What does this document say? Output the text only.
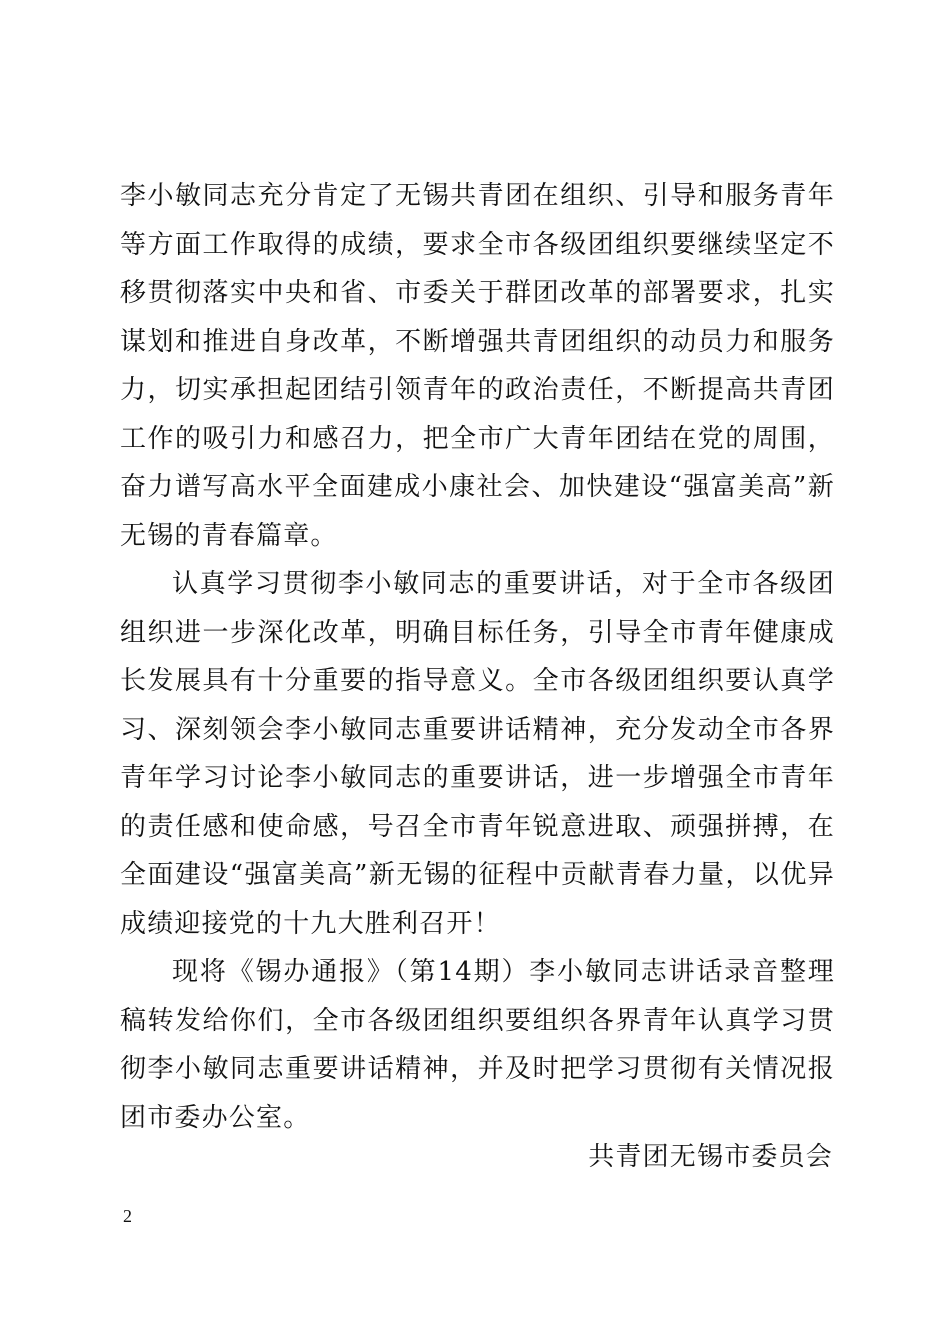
李小敏同志充分肯定了无锡共青团在组织、引导和服务青年等方面工作取得的成绩，要求全市各级团组织要继续坚定不移贯彻落实中央和省、市委关于群团改革的部署要求，扎实谋划和推进自身改革，不断增强共青团组织的动员力和服务力，切实承担起团结引领青年的政治责任，不断提高共青团工作的吸引力和感召力，把全市广大青年团结在党的周围，奋力谱写高水平全面建成小康社会、加快建设“强富美高”新无锡的青春篇章。

认真学习贯彻李小敏同志的重要讲话，对于全市各级团组织进一步深化改革，明确目标任务，引导全市青年健康成长发展具有十分重要的指导意义。全市各级团组织要认真学习、深刻领会李小敏同志重要讲话精神，充分发动全市各界青年学习讨论李小敏同志的重要讲话，进一步增强全市青年的责任感和使命感，号召全市青年锐意进取、顽强拼搏，在全面建设“强富美高”新无锡的征程中贡献青春力量，以优异成绩迎接党的十九大胜利召开！

现将《锡办通报》（第14期）李小敏同志讲话录音整理稿转发给你们，全市各级团组织要组织各界青年认真学习贯彻李小敏同志重要讲话精神，并及时把学习贯彻有关情况报团市委办公室。

共青团无锡市委员会
2
